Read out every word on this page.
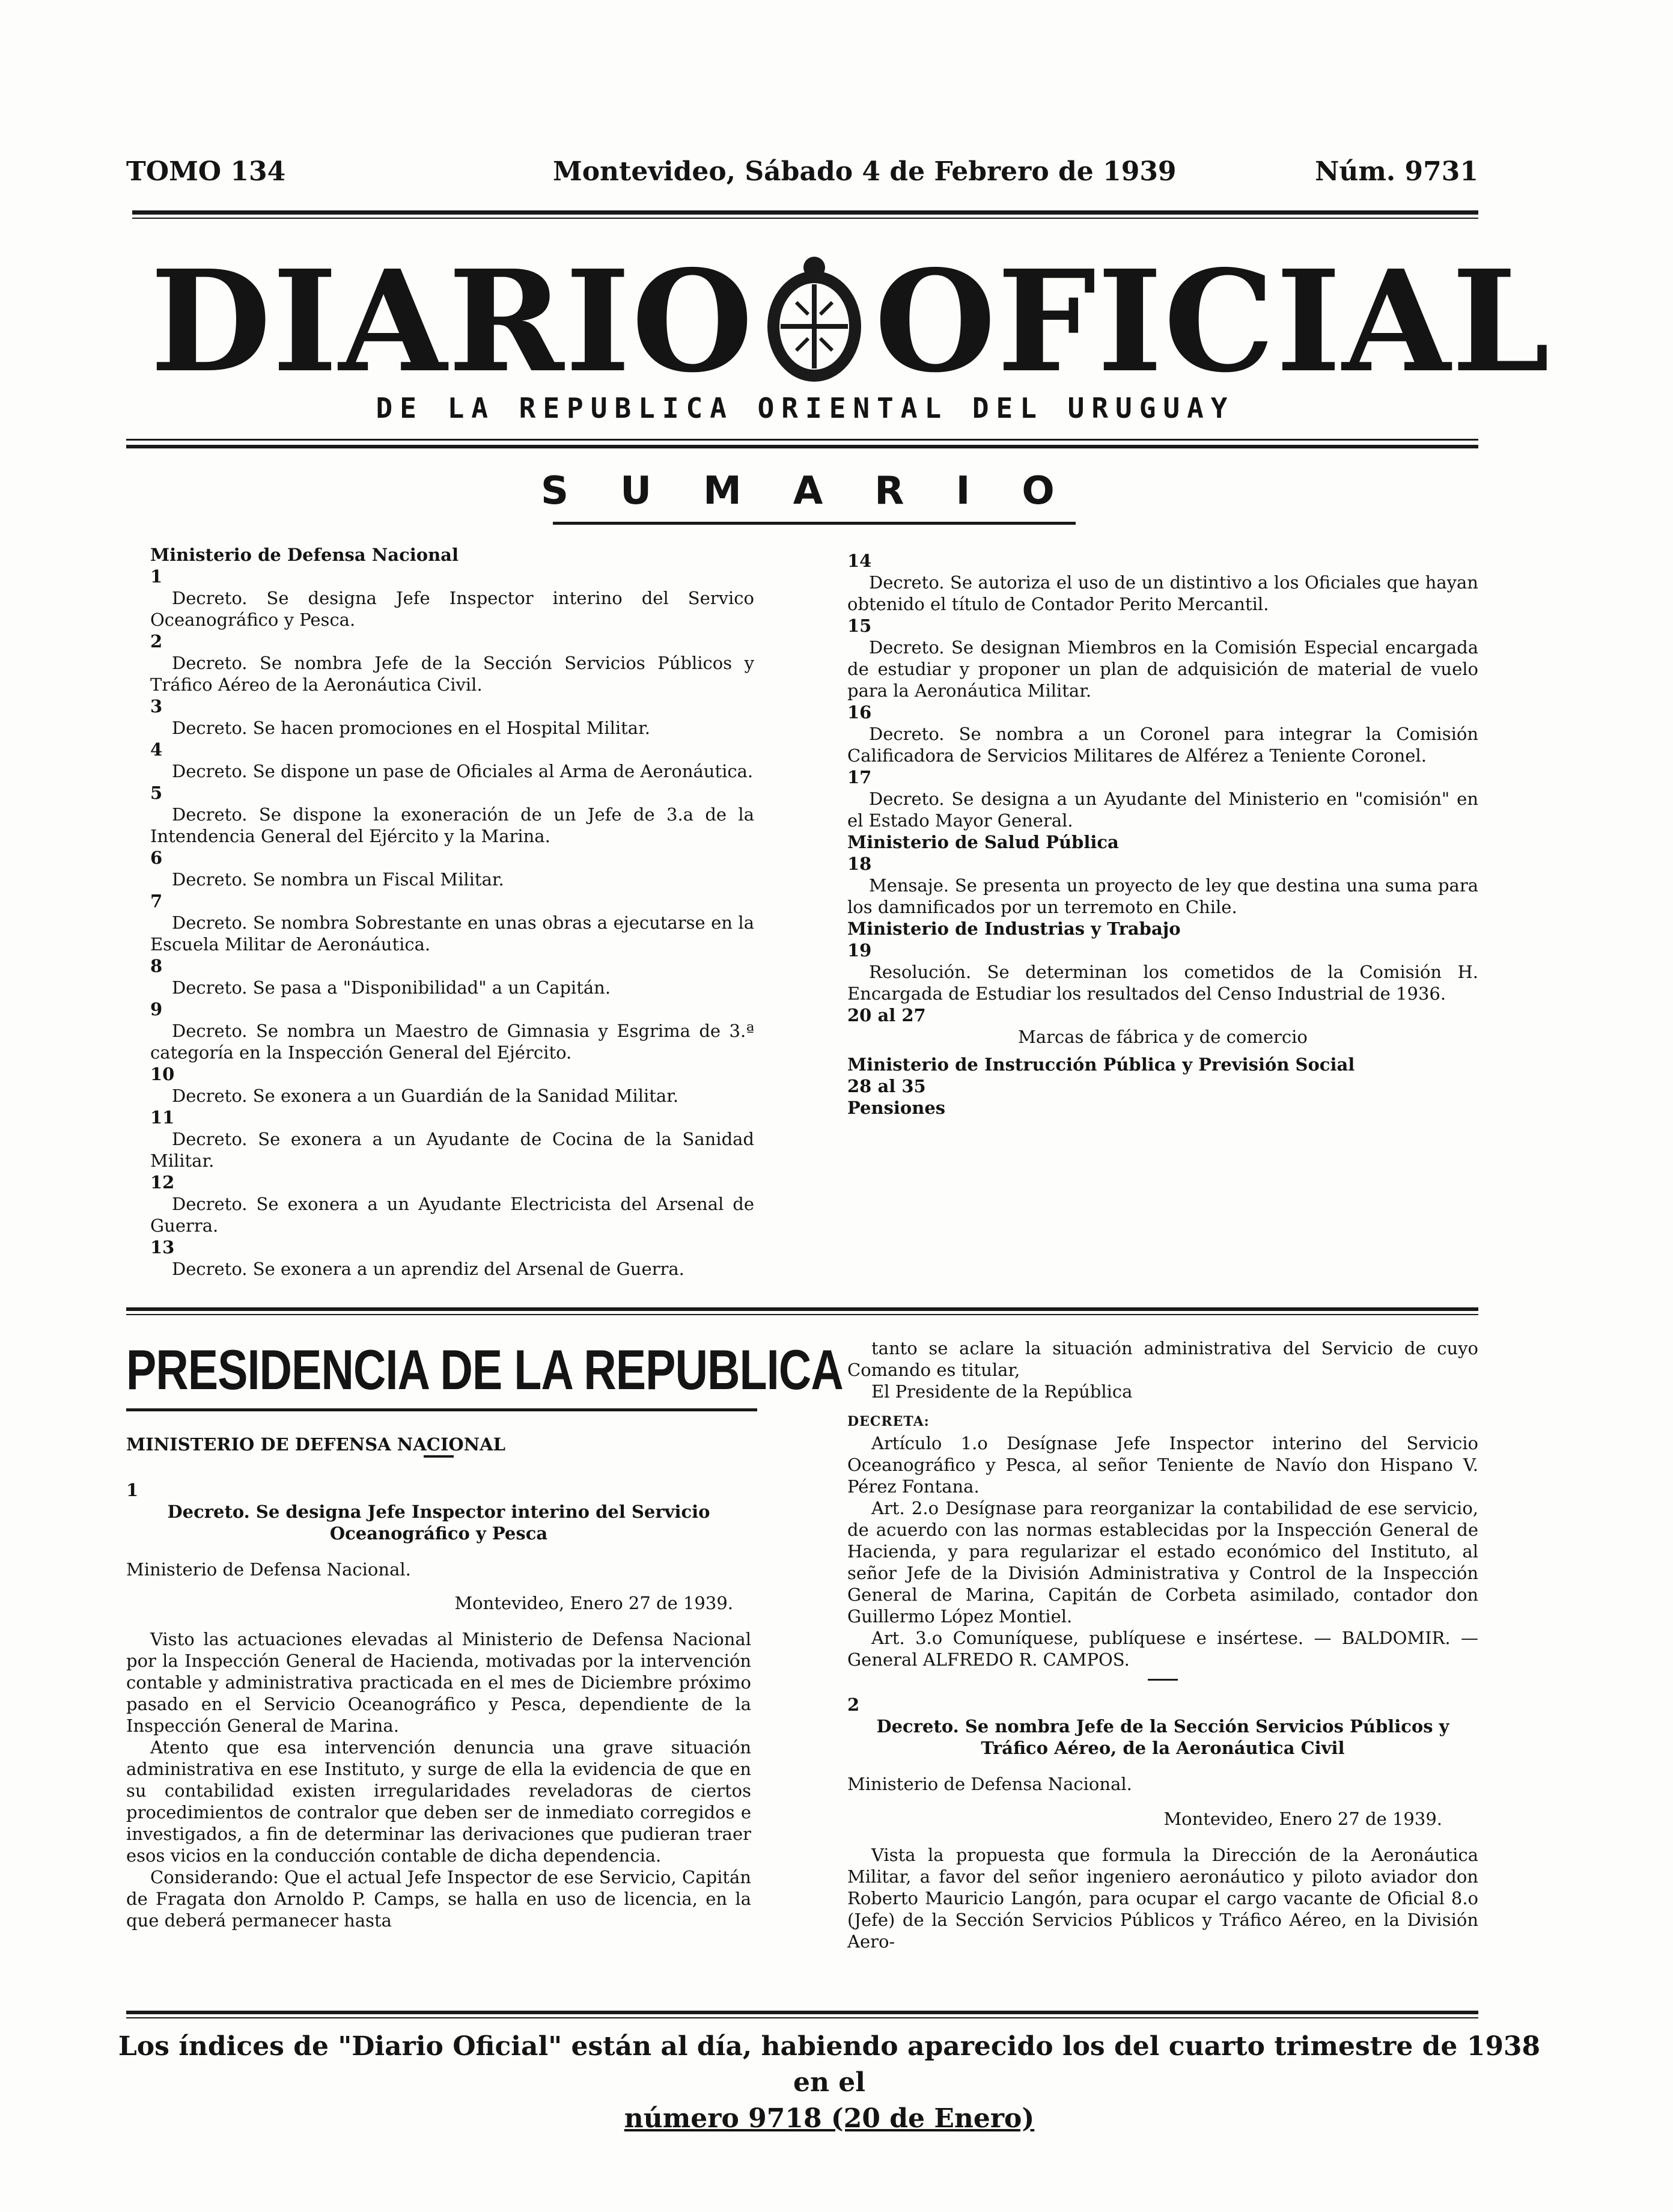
TOMO 134	Montevideo, Sábado 4 de Febrero de 1939	Núm. 9731
DIARIO OFICIAL
DE LA REPUBLICA ORIENTAL DEL URUGUAY
SUMARIO

Ministerio de Defensa Nacional

1

Decreto. Se designa Jefe Inspector interino del Servico Oceanográfico y Pesca.

2

Decreto. Se nombra Jefe de la Sección Servicios Públicos y Tráfico Aéreo de la Aeronáutica Civil.

3

Decreto. Se hacen promociones en el Hospital Militar.

4

Decreto. Se dispone un pase de Oficiales al Arma de Aeronáutica.

5

Decreto. Se dispone la exoneración de un Jefe de 3.a de la Intendencia General del Ejército y la Marina.

6

Decreto. Se nombra un Fiscal Militar.

7

Decreto. Se nombra Sobrestante en unas obras a ejecutarse en la Escuela Militar de Aeronáutica.

8

Decreto. Se pasa a "Disponibilidad" a un Capitán.

9

Decreto. Se nombra un Maestro de Gimnasia y Esgrima de 3.ª categoría en la Inspección General del Ejército.

10

Decreto. Se exonera a un Guardián de la Sanidad Militar.

11

Decreto. Se exonera a un Ayudante de Cocina de la Sanidad Militar.

12

Decreto. Se exonera a un Ayudante Electricista del Arsenal de Guerra.

13

Decreto. Se exonera a un aprendiz del Arsenal de Guerra.

14

Decreto. Se autoriza el uso de un distintivo a los Oficiales que hayan obtenido el título de Contador Perito Mercantil.

15

Decreto. Se designan Miembros en la Comisión Especial encargada de estudiar y proponer un plan de adquisición de material de vuelo para la Aeronáutica Militar.

16

Decreto. Se nombra a un Coronel para integrar la Comisión Calificadora de Servicios Militares de Alférez a Teniente Coronel.

17

Decreto. Se designa a un Ayudante del Ministerio en "comisión" en el Estado Mayor General.

Ministerio de Salud Pública

18

Mensaje. Se presenta un proyecto de ley que destina una suma para los damnificados por un terremoto en Chile.

Ministerio de Industrias y Trabajo

19

Resolución. Se determinan los cometidos de la Comisión H. Encargada de Estudiar los resultados del Censo Industrial de 1936.

20 al 27

Marcas de fábrica y de comercio

Ministerio de Instrucción Pública y Previsión Social

28 al 35

Pensiones

PRESIDENCIA DE LA REPUBLICA

MINISTERIO DE DEFENSA NACIONAL

1

Decreto. Se designa Jefe Inspector interino del Servicio Oceanográfico y Pesca

Ministerio de Defensa Nacional.

Montevideo, Enero 27 de 1939.

Visto las actuaciones elevadas al Ministerio de Defensa Nacional por la Inspección General de Hacienda, motivadas por la intervención contable y administrativa practicada en el mes de Diciembre próximo pasado en el Servicio Oceanográfico y Pesca, dependiente de la Inspección General de Marina.

Atento que esa intervención denuncia una grave situación administrativa en ese Instituto, y surge de ella la evidencia de que en su contabilidad existen irregularidades reveladoras de ciertos procedimientos de contralor que deben ser de inmediato corregidos e investigados, a fin de determinar las derivaciones que pudieran traer esos vicios en la conducción contable de dicha dependencia.

Considerando: Que el actual Jefe Inspector de ese Servicio, Capitán de Fragata don Arnoldo P. Camps, se halla en uso de licencia, en la que deberá permanecer hasta

tanto se aclare la situación administrativa del Servicio de cuyo Comando es titular,

El Presidente de la República

DECRETA:

Artículo 1.o Desígnase Jefe Inspector interino del Servicio Oceanográfico y Pesca, al señor Teniente de Navío don Hispano V. Pérez Fontana.

Art. 2.o Desígnase para reorganizar la contabilidad de ese servicio, de acuerdo con las normas establecidas por la Inspección General de Hacienda, y para regularizar el estado económico del Instituto, al señor Jefe de la División Administrativa y Control de la Inspección General de Marina, Capitán de Corbeta asimilado, contador don Guillermo López Montiel.

Art. 3.o Comuníquese, publíquese e insértese. — BALDOMIR. — General ALFREDO R. CAMPOS.

2

Decreto. Se nombra Jefe de la Sección Servicios Públicos y Tráfico Aéreo, de la Aeronáutica Civil

Ministerio de Defensa Nacional.

Montevideo, Enero 27 de 1939.

Vista la propuesta que formula la Dirección de la Aeronáutica Militar, a favor del señor ingeniero aeronáutico y piloto aviador don Roberto Mauricio Langón, para ocupar el cargo vacante de Oficial 8.o (Jefe) de la Sección Servicios Públicos y Tráfico Aéreo, en la División Aero-

Los índices de "Diario Oficial" están al día, habiendo aparecido los del cuarto trimestre de 1938 en el
número 9718 (20 de Enero)
